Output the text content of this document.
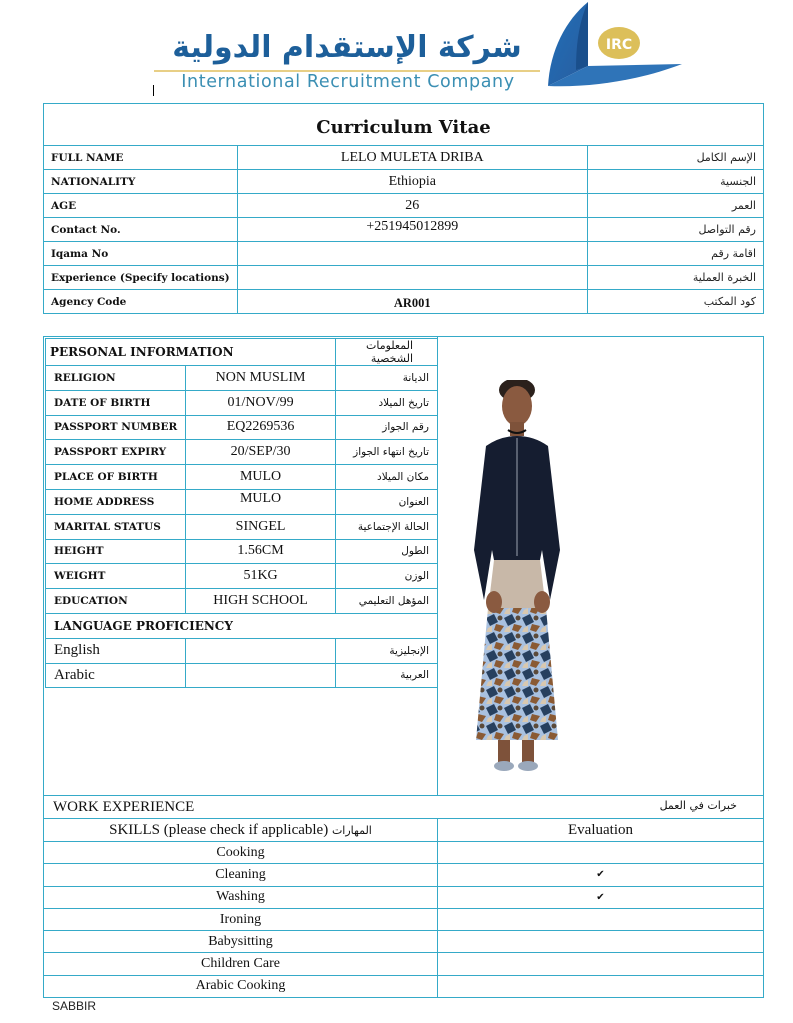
شركة الإستقدام الدولية
International Recruitment Company
IRC
Curriculum Vitae		
FULL NAME	LELO MULETA DRIBA	الإسم الكامل
NATIONALITY	Ethiopia	الجنسية
AGE	26	العمر
Contact No.	+251945012899	رقم التواصل
Iqama No		اقامة رقم
Experience (Specify locations)		الخبرة العملية
Agency Code	AR001	كود المكتب
PERSONAL INFORMATION		المعلومات الشخصية
RELIGION	NON MUSLIM	الديانة
DATE OF BIRTH	01/NOV/99	تاريخ الميلاد
PASSPORT NUMBER	EQ2269536	رقم الجواز
PASSPORT EXPIRY	20/SEP/30	تاريخ انتهاء الجواز
PLACE OF BIRTH	MULO	مكان الميلاد
HOME ADDRESS	MULO	العنوان
MARITAL STATUS	SINGEL	الحالة الإجتماعية
HEIGHT	1.56CM	الطول
WEIGHT	51KG	الوزن
EDUCATION	HIGH SCHOOL	المؤهل التعليمي
LANGUAGE PROFICIENCY		
English		الإنجليزية
Arabic		العربية
WORK EXPERIENCE	خبرات في العمل
SKILLS (please check if applicable) المهارات	Evaluation
Cooking	
Cleaning	✔
Washing	✔
Ironing	
Babysitting	
Children Care	
Arabic Cooking	
SABBIR
